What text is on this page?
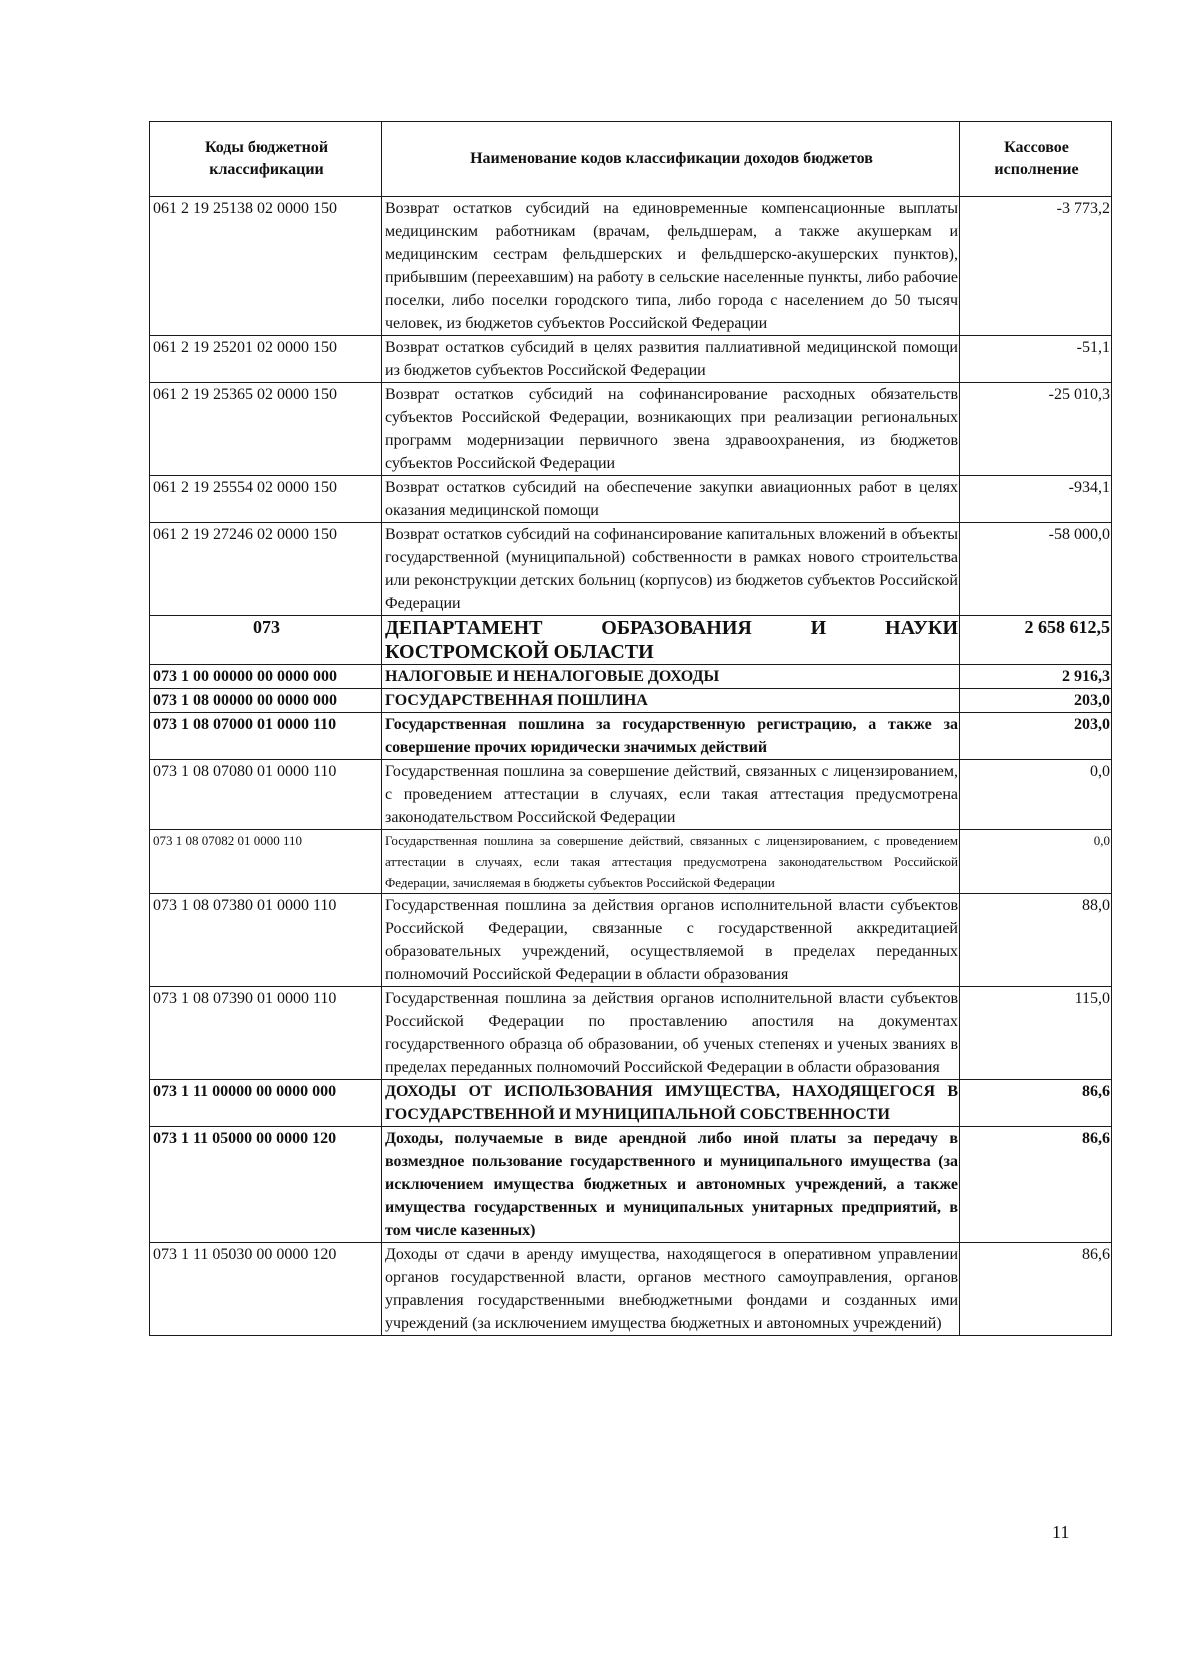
Коды бюджетной классификации	Наименование кодов классификации доходов бюджетов	Кассовое исполнение
061 2 19 25138 02 0000 150	Возврат остатков субсидий на единовременные компенсационные выплаты медицинским работникам (врачам, фельдшерам, а также акушеркам и медицинским сестрам фельдшерских и фельдшерско-акушерских пунктов), прибывшим (переехавшим) на работу в сельские населенные пункты, либо рабочие поселки, либо поселки городского типа, либо города с населением до 50 тысяч человек, из бюджетов субъектов Российской Федерации	-3 773,2
061 2 19 25201 02 0000 150	Возврат остатков субсидий в целях развития паллиативной медицинской помощи из бюджетов субъектов Российской Федерации	-51,1
061 2 19 25365 02 0000 150	Возврат остатков субсидий на софинансирование расходных обязательств субъектов Российской Федерации, возникающих при реализации региональных программ модернизации первичного звена здравоохранения, из бюджетов субъектов Российской Федерации	-25 010,3
061 2 19 25554 02 0000 150	Возврат остатков субсидий на обеспечение закупки авиационных работ в целях оказания медицинской помощи	-934,1
061 2 19 27246 02 0000 150	Возврат остатков субсидий на софинансирование капитальных вложений в объекты государственной (муниципальной) собственности в рамках нового строительства или реконструкции детских больниц (корпусов) из бюджетов субъектов Российской Федерации	-58 000,0
073	ДЕПАРТАМЕНТ ОБРАЗОВАНИЯ И НАУКИ КОСТРОМСКОЙ ОБЛАСТИ	2 658 612,5
073 1 00 00000 00 0000 000	НАЛОГОВЫЕ И НЕНАЛОГОВЫЕ ДОХОДЫ	2 916,3
073 1 08 00000 00 0000 000	ГОСУДАРСТВЕННАЯ ПОШЛИНА	203,0
073 1 08 07000 01 0000 110	Государственная пошлина за государственную регистрацию, а также за совершение прочих юридически значимых действий	203,0
073 1 08 07080 01 0000 110	Государственная пошлина за совершение действий, связанных с лицензированием, с проведением аттестации в случаях, если такая аттестация предусмотрена законодательством Российской Федерации	0,0
073 1 08 07082 01 0000 110	Государственная пошлина за совершение действий, связанных с лицензированием, с проведением аттестации в случаях, если такая аттестация предусмотрена законодательством Российской Федерации, зачисляемая в бюджеты субъектов Российской Федерации	0,0
073 1 08 07380 01 0000 110	Государственная пошлина за действия органов исполнительной власти субъектов Российской Федерации, связанные с государственной аккредитацией образовательных учреждений, осуществляемой в пределах переданных полномочий Российской Федерации в области образования	88,0
073 1 08 07390 01 0000 110	Государственная пошлина за действия органов исполнительной власти субъектов Российской Федерации по проставлению апостиля на документах государственного образца об образовании, об ученых степенях и ученых званиях в пределах переданных полномочий Российской Федерации в области образования	115,0
073 1 11 00000 00 0000 000	ДОХОДЫ ОТ ИСПОЛЬЗОВАНИЯ ИМУЩЕСТВА, НАХОДЯЩЕГОСЯ В ГОСУДАРСТВЕННОЙ И МУНИЦИПАЛЬНОЙ СОБСТВЕННОСТИ	86,6
073 1 11 05000 00 0000 120	Доходы, получаемые в виде арендной либо иной платы за передачу в возмездное пользование государственного и муниципального имущества (за исключением имущества бюджетных и автономных учреждений, а также имущества государственных и муниципальных унитарных предприятий, в том числе казенных)	86,6
073 1 11 05030 00 0000 120	Доходы от сдачи в аренду имущества, находящегося в оперативном управлении органов государственной власти, органов местного самоуправления, органов управления государственными внебюджетными фондами и созданных ими учреждений (за исключением имущества бюджетных и автономных учреждений)	86,6
11
